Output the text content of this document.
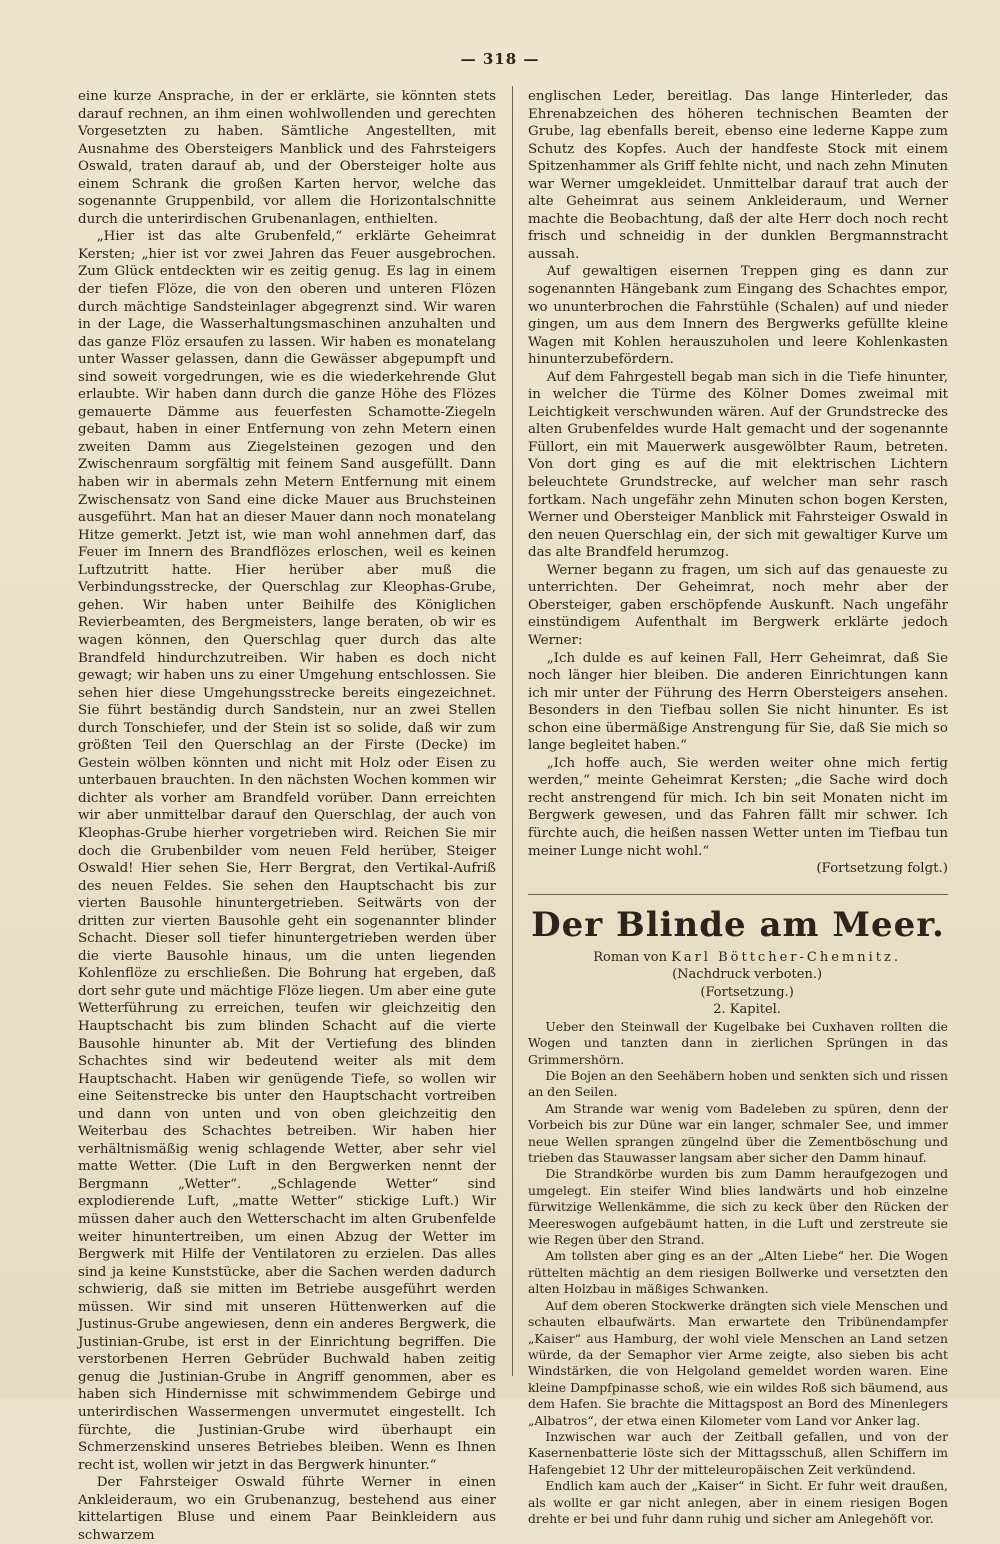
— 318 —

eine kurze Ansprache, in der er erklärte, sie könnten stets darauf rechnen, an ihm einen wohlwollenden und gerechten Vorgesetzten zu haben. Sämtliche Angestellten, mit Ausnahme des Obersteigers Manblick und des Fahrsteigers Oswald, traten darauf ab, und der Obersteiger holte aus einem Schrank die großen Karten hervor, welche das sogenannte Gruppenbild, vor allem die Horizontalschnitte durch die unterirdischen Grubenanlagen, enthielten.

„Hier ist das alte Grubenfeld,“ erklärte Geheimrat Kersten; „hier ist vor zwei Jahren das Feuer ausgebrochen. Zum Glück entdeckten wir es zeitig genug. Es lag in einem der tiefen Flöze, die von den oberen und unteren Flözen durch mächtige Sandsteinlager abgegrenzt sind. Wir waren in der Lage, die Wasserhaltungsmaschinen anzuhalten und das ganze Flöz ersaufen zu lassen. Wir haben es monatelang unter Wasser gelassen, dann die Gewässer abgepumpft und sind soweit vorgedrungen, wie es die wiederkehrende Glut erlaubte. Wir haben dann durch die ganze Höhe des Flözes gemauerte Dämme aus feuerfesten Schamotte-Ziegeln gebaut, haben in einer Entfernung von zehn Metern einen zweiten Damm aus Ziegelsteinen gezogen und den Zwischenraum sorgfältig mit feinem Sand ausgefüllt. Dann haben wir in abermals zehn Metern Entfernung mit einem Zwischensatz von Sand eine dicke Mauer aus Bruchsteinen ausgeführt. Man hat an dieser Mauer dann noch monatelang Hitze gemerkt. Jetzt ist, wie man wohl annehmen darf, das Feuer im Innern des Brandflözes erloschen, weil es keinen Luftzutritt hatte. Hier herüber aber muß die Verbindungsstrecke, der Querschlag zur Kleophas-Grube, gehen. Wir haben unter Beihilfe des Königlichen Revierbeamten, des Bergmeisters, lange beraten, ob wir es wagen können, den Querschlag quer durch das alte Brandfeld hindurchzutreiben. Wir haben es doch nicht gewagt; wir haben uns zu einer Umgehung entschlossen. Sie sehen hier diese Umgehungsstrecke bereits eingezeichnet. Sie führt beständig durch Sandstein, nur an zwei Stellen durch Tonschiefer, und der Stein ist so solide, daß wir zum größten Teil den Querschlag an der Firste (Decke) im Gestein wölben könnten und nicht mit Holz oder Eisen zu unterbauen brauchten. In den nächsten Wochen kommen wir dichter als vorher am Brandfeld vorüber. Dann erreichten wir aber unmittelbar darauf den Querschlag, der auch von Kleophas-Grube hierher vorgetrieben wird. Reichen Sie mir doch die Grubenbilder vom neuen Feld herüber, Steiger Oswald! Hier sehen Sie, Herr Bergrat, den Vertikal-Aufriß des neuen Feldes. Sie sehen den Hauptschacht bis zur vierten Bausohle hinuntergetrieben. Seitwärts von der dritten zur vierten Bausohle geht ein sogenannter blinder Schacht. Dieser soll tiefer hinuntergetrieben werden über die vierte Bausohle hinaus, um die unten liegenden Kohlenflöze zu erschließen. Die Bohrung hat ergeben, daß dort sehr gute und mächtige Flöze liegen. Um aber eine gute Wetterführung zu erreichen, teufen wir gleichzeitig den Hauptschacht bis zum blinden Schacht auf die vierte Bausohle hinunter ab. Mit der Vertiefung des blinden Schachtes sind wir bedeutend weiter als mit dem Hauptschacht. Haben wir genügende Tiefe, so wollen wir eine Seitenstrecke bis unter den Hauptschacht vortreiben und dann von unten und von oben gleichzeitig den Weiterbau des Schachtes betreiben. Wir haben hier verhältnismäßig wenig schlagende Wetter, aber sehr viel matte Wetter. (Die Luft in den Bergwerken nennt der Bergmann „Wetter“. „Schlagende Wetter“ sind explodierende Luft, „matte Wetter“ stickige Luft.) Wir müssen daher auch den Wetterschacht im alten Grubenfelde weiter hinuntertreiben, um einen Abzug der Wetter im Bergwerk mit Hilfe der Ventilatoren zu erzielen. Das alles sind ja keine Kunststücke, aber die Sachen werden dadurch schwierig, daß sie mitten im Betriebe ausgeführt werden müssen. Wir sind mit unseren Hüttenwerken auf die Justinus-Grube angewiesen, denn ein anderes Bergwerk, die Justinian-Grube, ist erst in der Einrichtung begriffen. Die verstorbenen Herren Gebrüder Buchwald haben zeitig genug die Justinian-Grube in Angriff genommen, aber es haben sich Hindernisse mit schwimmendem Gebirge und unterirdischen Wassermengen unvermutet eingestellt. Ich fürchte, die Justinian-Grube wird überhaupt ein Schmerzenskind unseres Betriebes bleiben. Wenn es Ihnen recht ist, wollen wir jetzt in das Bergwerk hinunter.“

Der Fahrsteiger Oswald führte Werner in einen Ankleideraum, wo ein Grubenanzug, bestehend aus einer kittelartigen Bluse und einem Paar Beinkleidern aus schwarzem

englischen Leder, bereitlag. Das lange Hinterleder, das Ehrenabzeichen des höheren technischen Beamten der Grube, lag ebenfalls bereit, ebenso eine lederne Kappe zum Schutz des Kopfes. Auch der handfeste Stock mit einem Spitzenhammer als Griff fehlte nicht, und nach zehn Minuten war Werner umgekleidet. Unmittelbar darauf trat auch der alte Geheimrat aus seinem Ankleideraum, und Werner machte die Beobachtung, daß der alte Herr doch noch recht frisch und schneidig in der dunklen Bergmannstracht aussah.

Auf gewaltigen eisernen Treppen ging es dann zur sogenannten Hängebank zum Eingang des Schachtes empor, wo ununterbrochen die Fahrstühle (Schalen) auf und nieder gingen, um aus dem Innern des Bergwerks gefüllte kleine Wagen mit Kohlen herauszuholen und leere Kohlenkasten hinunterzubefördern.

Auf dem Fahrgestell begab man sich in die Tiefe hinunter, in welcher die Türme des Kölner Domes zweimal mit Leichtigkeit verschwunden wären. Auf der Grundstrecke des alten Grubenfeldes wurde Halt gemacht und der sogenannte Füllort, ein mit Mauerwerk ausgewölbter Raum, betreten. Von dort ging es auf die mit elektrischen Lichtern beleuchtete Grundstrecke, auf welcher man sehr rasch fortkam. Nach ungefähr zehn Minuten schon bogen Kersten, Werner und Obersteiger Manblick mit Fahrsteiger Oswald in den neuen Querschlag ein, der sich mit gewaltiger Kurve um das alte Brandfeld herumzog.

Werner begann zu fragen, um sich auf das genaueste zu unterrichten. Der Geheimrat, noch mehr aber der Obersteiger, gaben erschöpfende Auskunft. Nach ungefähr einstündigem Aufenthalt im Bergwerk erklärte jedoch Werner:

„Ich dulde es auf keinen Fall, Herr Geheimrat, daß Sie noch länger hier bleiben. Die anderen Einrichtungen kann ich mir unter der Führung des Herrn Obersteigers ansehen. Besonders in den Tiefbau sollen Sie nicht hinunter. Es ist schon eine übermäßige Anstrengung für Sie, daß Sie mich so lange begleitet haben.“

„Ich hoffe auch, Sie werden weiter ohne mich fertig werden,“ meinte Geheimrat Kersten; „die Sache wird doch recht anstrengend für mich. Ich bin seit Monaten nicht im Bergwerk gewesen, und das Fahren fällt mir schwer. Ich fürchte auch, die heißen nassen Wetter unten im Tiefbau tun meiner Lunge nicht wohl.“

(Fortsetzung folgt.)

Der Blinde am Meer.

Roman von Karl Böttcher-Chemnitz.

(Nachdruck verboten.)

(Fortsetzung.)

2. Kapitel.

Ueber den Steinwall der Kugelbake bei Cuxhaven rollten die Wogen und tanzten dann in zierlichen Sprüngen in das Grimmershörn.

Die Bojen an den Seehäbern hoben und senkten sich und rissen an den Seilen.

Am Strande war wenig vom Badeleben zu spüren, denn der Vorbeich bis zur Düne war ein langer, schmaler See, und immer neue Wellen sprangen züngelnd über die Zementböschung und trieben das Stauwasser langsam aber sicher den Damm hinauf.

Die Strandkörbe wurden bis zum Damm heraufgezogen und umgelegt. Ein steifer Wind blies landwärts und hob einzelne fürwitzige Wellenkämme, die sich zu keck über den Rücken der Meereswogen aufgebäumt hatten, in die Luft und zerstreute sie wie Regen über den Strand.

Am tollsten aber ging es an der „Alten Liebe“ her. Die Wogen rüttelten mächtig an dem riesigen Bollwerke und versetzten den alten Holzbau in mäßiges Schwanken.

Auf dem oberen Stockwerke drängten sich viele Menschen und schauten elbaufwärts. Man erwartete den Tribünendampfer „Kaiser“ aus Hamburg, der wohl viele Menschen an Land setzen würde, da der Semaphor vier Arme zeigte, also sieben bis acht Windstärken, die von Helgoland gemeldet worden waren. Eine kleine Dampfpinasse schoß, wie ein wildes Roß sich bäumend, aus dem Hafen. Sie brachte die Mittagspost an Bord des Minenlegers „Albatros“, der etwa einen Kilometer vom Land vor Anker lag.

Inzwischen war auch der Zeitball gefallen, und von der Kasernenbatterie löste sich der Mittagsschuß, allen Schiffern im Hafengebiet 12 Uhr der mitteleuropäischen Zeit verkündend.

Endlich kam auch der „Kaiser“ in Sicht. Er fuhr weit draußen, als wollte er gar nicht anlegen, aber in einem riesigen Bogen drehte er bei und fuhr dann ruhig und sicher am Anlegehöft vor.
